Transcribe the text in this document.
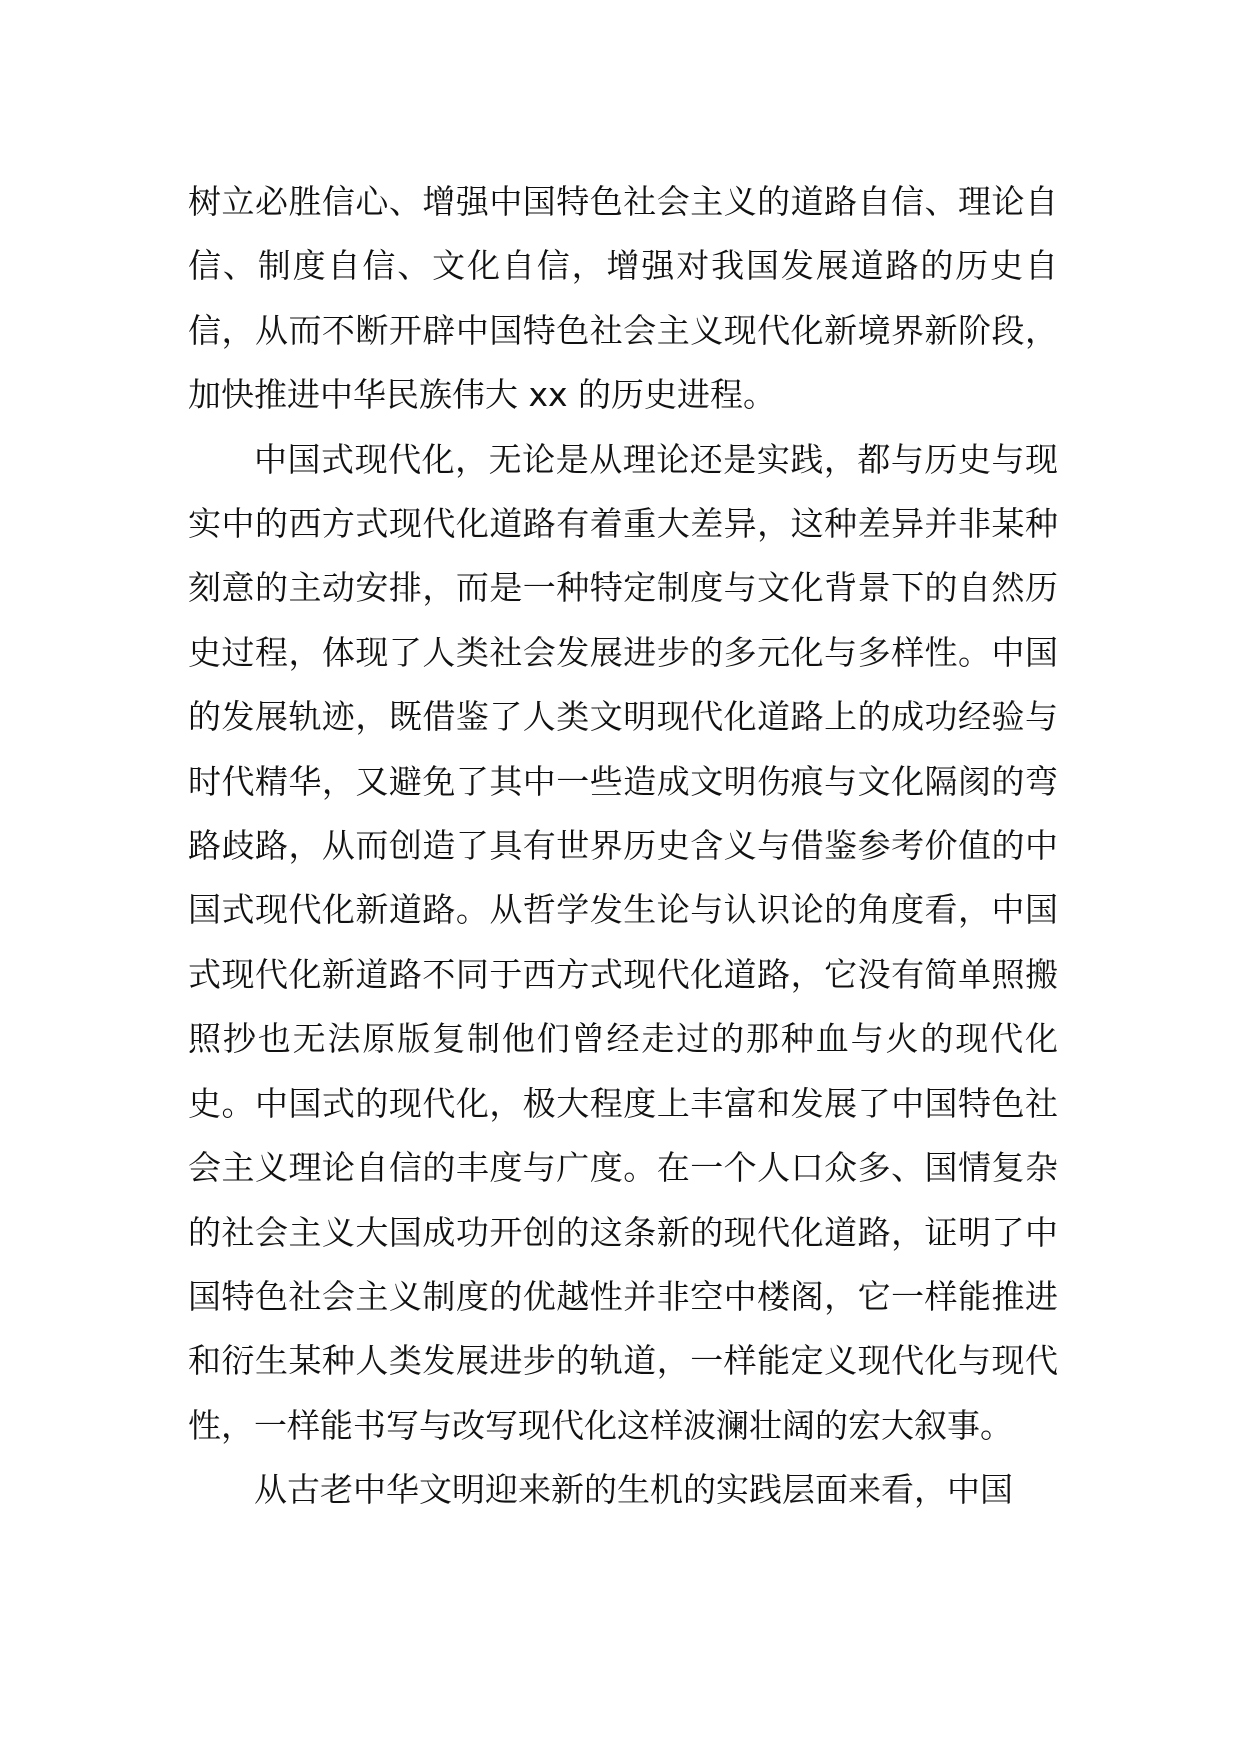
树立必胜信心、增强中国特色社会主义的道路自信、理论自信、制度自信、文化自信，增强对我国发展道路的历史自信，从而不断开辟中国特色社会主义现代化新境界新阶段，加快推进中华民族伟大 xx 的历史进程。

中国式现代化，无论是从理论还是实践，都与历史与现实中的西方式现代化道路有着重大差异，这种差异并非某种刻意的主动安排，而是一种特定制度与文化背景下的自然历史过程，体现了人类社会发展进步的多元化与多样性。中国的发展轨迹，既借鉴了人类文明现代化道路上的成功经验与时代精华，又避免了其中一些造成文明伤痕与文化隔阂的弯路歧路，从而创造了具有世界历史含义与借鉴参考价值的中国式现代化新道路。从哲学发生论与认识论的角度看，中国式现代化新道路不同于西方式现代化道路，它没有简单照搬照抄也无法原版复制他们曾经走过的那种血与火的现代化史。中国式的现代化，极大程度上丰富和发展了中国特色社会主义理论自信的丰度与广度。在一个人口众多、国情复杂的社会主义大国成功开创的这条新的现代化道路，证明了中国特色社会主义制度的优越性并非空中楼阁，它一样能推进和衍生某种人类发展进步的轨道，一样能定义现代化与现代性，一样能书写与改写现代化这样波澜壮阔的宏大叙事。

从古老中华文明迎来新的生机的实践层面来看，中国
